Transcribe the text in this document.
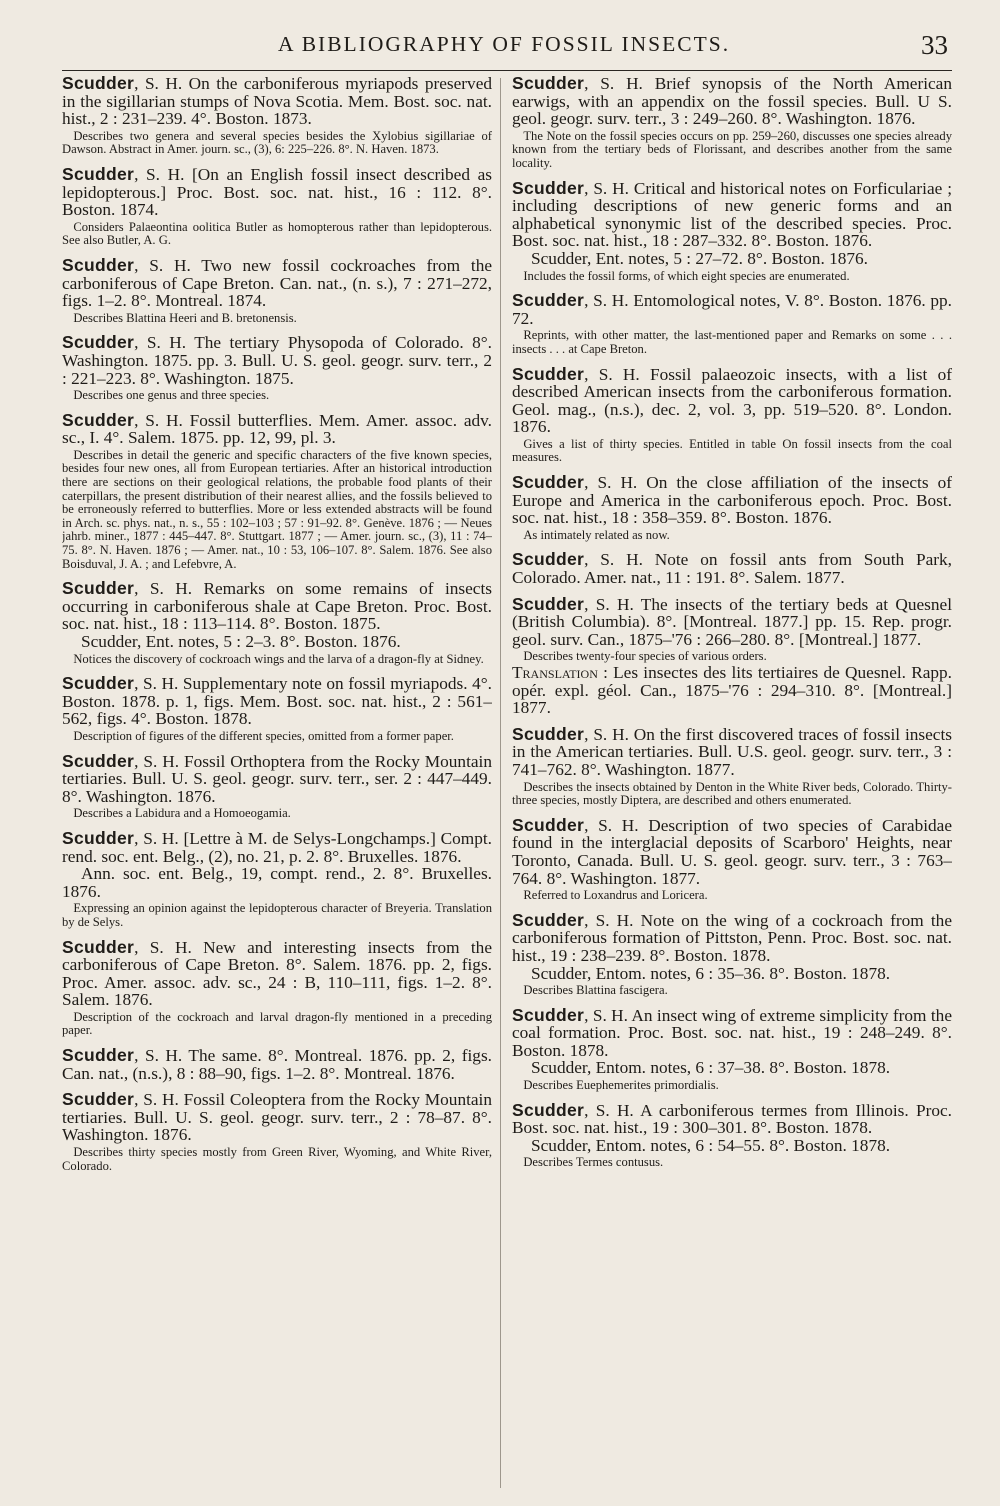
A BIBLIOGRAPHY OF FOSSIL INSECTS.	33

Scudder, S. H. On the carboniferous myriapods preserved in the sigillarian stumps of Nova Scotia. Mem. Bost. soc. nat. hist., 2 : 231–239. 4°. Boston. 1873.

Describes two genera and several species besides the Xylobius sigillariae of Dawson. Abstract in Amer. journ. sc., (3), 6: 225–226. 8°. N. Haven. 1873.

Scudder, S. H. [On an English fossil insect described as lepidopterous.] Proc. Bost. soc. nat. hist., 16 : 112. 8°. Boston. 1874.

Considers Palaeontina oolitica Butler as homopterous rather than lepidopterous. See also Butler, A. G.

Scudder, S. H. Two new fossil cockroaches from the carboniferous of Cape Breton. Can. nat., (n. s.), 7 : 271–272, figs. 1–2. 8°. Montreal. 1874.

Describes Blattina Heeri and B. bretonensis.

Scudder, S. H. The tertiary Physopoda of Colorado. 8°. Washington. 1875. pp. 3. Bull. U. S. geol. geogr. surv. terr., 2 : 221–223. 8°. Washington. 1875.

Describes one genus and three species.

Scudder, S. H. Fossil butterflies. Mem. Amer. assoc. adv. sc., I. 4°. Salem. 1875. pp. 12, 99, pl. 3.

Describes in detail the generic and specific characters of the five known species, besides four new ones, all from European tertiaries. After an historical introduction there are sections on their geological relations, the probable food plants of their caterpillars, the present distribution of their nearest allies, and the fossils believed to be erroneously referred to butterflies. More or less extended abstracts will be found in Arch. sc. phys. nat., n. s., 55 : 102–103 ; 57 : 91–92. 8°. Genève. 1876 ; — Neues jahrb. miner., 1877 : 445–447. 8°. Stuttgart. 1877 ; — Amer. journ. sc., (3), 11 : 74–75. 8°. N. Haven. 1876 ; — Amer. nat., 10 : 53, 106–107. 8°. Salem. 1876. See also Boisduval, J. A. ; and Lefebvre, A.

Scudder, S. H. Remarks on some remains of insects occurring in carboniferous shale at Cape Breton. Proc. Bost. soc. nat. hist., 18 : 113–114. 8°. Boston. 1875.

Scudder, Ent. notes, 5 : 2–3. 8°. Boston. 1876.

Notices the discovery of cockroach wings and the larva of a dragon-fly at Sidney.

Scudder, S. H. Supplementary note on fossil myriapods. 4°. Boston. 1878. p. 1, figs. Mem. Bost. soc. nat. hist., 2 : 561–562, figs. 4°. Boston. 1878.

Description of figures of the different species, omitted from a former paper.

Scudder, S. H. Fossil Orthoptera from the Rocky Mountain tertiaries. Bull. U. S. geol. geogr. surv. terr., ser. 2 : 447–449. 8°. Washington. 1876.

Describes a Labidura and a Homoeogamia.

Scudder, S. H. [Lettre à M. de Selys-Longchamps.] Compt. rend. soc. ent. Belg., (2), no. 21, p. 2. 8°. Bruxelles. 1876.

Ann. soc. ent. Belg., 19, compt. rend., 2. 8°. Bruxelles. 1876.

Expressing an opinion against the lepidopterous character of Breyeria. Translation by de Selys.

Scudder, S. H. New and interesting insects from the carboniferous of Cape Breton. 8°. Salem. 1876. pp. 2, figs. Proc. Amer. assoc. adv. sc., 24 : B, 110–111, figs. 1–2. 8°. Salem. 1876.

Description of the cockroach and larval dragon-fly mentioned in a preceding paper.

Scudder, S. H. The same. 8°. Montreal. 1876. pp. 2, figs. Can. nat., (n.s.), 8 : 88–90, figs. 1–2. 8°. Montreal. 1876.

Scudder, S. H. Fossil Coleoptera from the Rocky Mountain tertiaries. Bull. U. S. geol. geogr. surv. terr., 2 : 78–87. 8°. Washington. 1876.

Describes thirty species mostly from Green River, Wyoming, and White River, Colorado.

Scudder, S. H. Brief synopsis of the North American earwigs, with an appendix on the fossil species. Bull. U S. geol. geogr. surv. terr., 3 : 249–260. 8°. Washington. 1876.

The Note on the fossil species occurs on pp. 259–260, discusses one species already known from the tertiary beds of Florissant, and describes another from the same locality.

Scudder, S. H. Critical and historical notes on Forficulariae ; including descriptions of new generic forms and an alphabetical synonymic list of the described species. Proc. Bost. soc. nat. hist., 18 : 287–332. 8°. Boston. 1876.

Scudder, Ent. notes, 5 : 27–72. 8°. Boston. 1876.

Includes the fossil forms, of which eight species are enumerated.

Scudder, S. H. Entomological notes, V. 8°. Boston. 1876. pp. 72.

Reprints, with other matter, the last-mentioned paper and Remarks on some . . . insects . . . at Cape Breton.

Scudder, S. H. Fossil palaeozoic insects, with a list of described American insects from the carboniferous formation. Geol. mag., (n.s.), dec. 2, vol. 3, pp. 519–520. 8°. London. 1876.

Gives a list of thirty species. Entitled in table On fossil insects from the coal measures.

Scudder, S. H. On the close affiliation of the insects of Europe and America in the carboniferous epoch. Proc. Bost. soc. nat. hist., 18 : 358–359. 8°. Boston. 1876.

As intimately related as now.

Scudder, S. H. Note on fossil ants from South Park, Colorado. Amer. nat., 11 : 191. 8°. Salem. 1877.

Scudder, S. H. The insects of the tertiary beds at Quesnel (British Columbia). 8°. [Montreal. 1877.] pp. 15. Rep. progr. geol. surv. Can., 1875–'76 : 266–280. 8°. [Montreal.] 1877.

Describes twenty-four species of various orders.

Translation : Les insectes des lits tertiaires de Quesnel. Rapp. opér. expl. géol. Can., 1875–'76 : 294–310. 8°. [Montreal.] 1877.

Scudder, S. H. On the first discovered traces of fossil insects in the American tertiaries. Bull. U.S. geol. geogr. surv. terr., 3 : 741–762. 8°. Washington. 1877.

Describes the insects obtained by Denton in the White River beds, Colorado. Thirty-three species, mostly Diptera, are described and others enumerated.

Scudder, S. H. Description of two species of Carabidae found in the interglacial deposits of Scarboro' Heights, near Toronto, Canada. Bull. U. S. geol. geogr. surv. terr., 3 : 763–764. 8°. Washington. 1877.

Referred to Loxandrus and Loricera.

Scudder, S. H. Note on the wing of a cockroach from the carboniferous formation of Pittston, Penn. Proc. Bost. soc. nat. hist., 19 : 238–239. 8°. Boston. 1878.

Scudder, Entom. notes, 6 : 35–36. 8°. Boston. 1878.

Describes Blattina fascigera.

Scudder, S. H. An insect wing of extreme simplicity from the coal formation. Proc. Bost. soc. nat. hist., 19 : 248–249. 8°. Boston. 1878.

Scudder, Entom. notes, 6 : 37–38. 8°. Boston. 1878.

Describes Euephemerites primordialis.

Scudder, S. H. A carboniferous termes from Illinois. Proc. Bost. soc. nat. hist., 19 : 300–301. 8°. Boston. 1878.

Scudder, Entom. notes, 6 : 54–55. 8°. Boston. 1878.

Describes Termes contusus.
